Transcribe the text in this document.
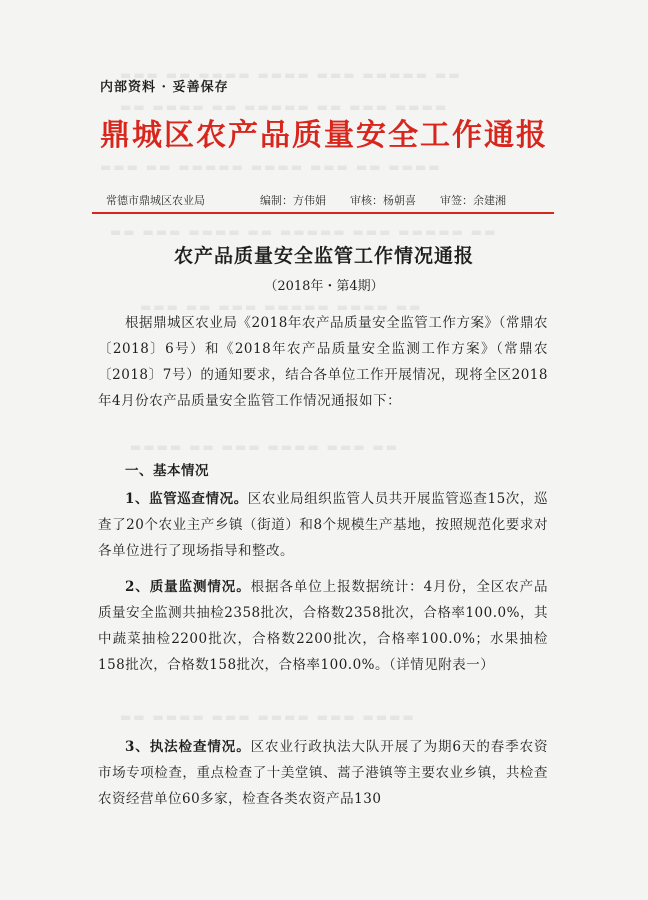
▬▬▬ ▬▬ ▬▬▬▬ ▬▬▬▬ ▬▬▬ ▬▬▬▬▬ ▬▬
▬▬ ▬▬▬▬ ▬▬ ▬▬▬▬▬ ▬▬ ▬▬▬ ▬▬▬▬
▬▬▬ ▬▬ ▬▬▬▬▬ ▬▬▬▬ ▬▬▬ ▬▬ ▬▬▬▬
▬▬ ▬▬▬ ▬▬▬▬ ▬▬ ▬▬▬▬▬ ▬▬▬ ▬▬▬▬▬ ▬▬
▬▬▬ ▬▬ ▬▬▬ ▬▬▬▬▬ ▬▬▬▬ ▬▬
▬▬▬▬ ▬▬ ▬▬▬ ▬▬▬▬ ▬▬▬ ▬▬
▬▬ ▬▬▬▬ ▬▬▬ ▬▬▬▬ ▬▬▬ ▬▬▬▬
内部资料 · 妥善保存
鼎城区农产品质量安全工作通报
常德市鼎城区农业局	编制：方伟娟 审核：杨朝喜 审签：余建湘
农产品质量安全监管工作情况通报
（2018年・第4期）

根据鼎城区农业局《2018年农产品质量安全监管工作方案》（常鼎农〔2018〕6号）和《2018年农产品质量安全监测工作方案》（常鼎农〔2018〕7号）的通知要求，结合各单位工作开展情况，现将全区2018年4月份农产品质量安全监管工作情况通报如下：

一、基本情况

1、监管巡查情况。区农业局组织监管人员共开展监管巡查15次，巡查了20个农业主产乡镇（街道）和8个规模生产基地，按照规范化要求对各单位进行了现场指导和整改。

2、质量监测情况。根据各单位上报数据统计：4月份，全区农产品质量安全监测共抽检2358批次，合格数2358批次，合格率100.0%，其中蔬菜抽检2200批次，合格数2200批次，合格率100.0%；水果抽检158批次，合格数158批次，合格率100.0%。（详情见附表一）

3、执法检查情况。区农业行政执法大队开展了为期6天的春季农资市场专项检查，重点检查了十美堂镇、蒿子港镇等主要农业乡镇，共检查农资经营单位60多家，检查各类农资产品130
